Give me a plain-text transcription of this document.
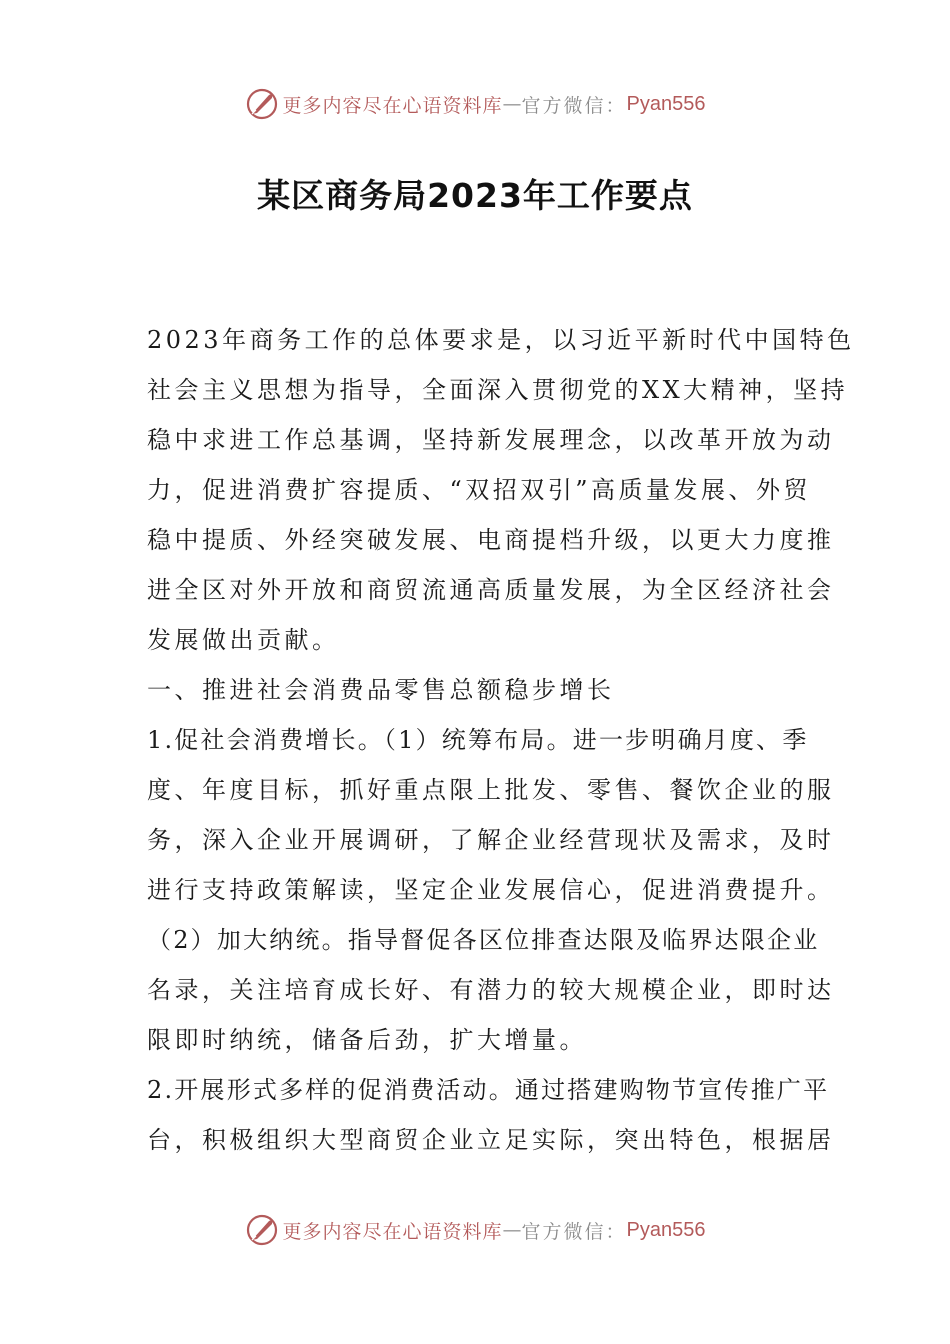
更多内容尽在心语资料库 — 官方微信： Pyan556
某区商务局2023年工作要点

2023年商务工作的总体要求是，以习近平新时代中国特色

社会主义思想为指导，全面深入贯彻党的XX大精神，坚持

稳中求进工作总基调，坚持新发展理念，以改革开放为动

力，促进消费扩容提质、“双招双引”高质量发展、外贸

稳中提质、外经突破发展、电商提档升级，以更大力度推

进全区对外开放和商贸流通高质量发展，为全区经济社会

发展做出贡献。

一、推进社会消费品零售总额稳步增长

1.促社会消费增长。（1）统筹布局。进一步明确月度、季

度、年度目标，抓好重点限上批发、零售、餐饮企业的服

务，深入企业开展调研，了解企业经营现状及需求，及时

进行支持政策解读，坚定企业发展信心，促进消费提升。

（2）加大纳统。指导督促各区位排查达限及临界达限企业

名录，关注培育成长好、有潜力的较大规模企业，即时达

限即时纳统，储备后劲，扩大增量。

2.开展形式多样的促消费活动。通过搭建购物节宣传推广平

台，积极组织大型商贸企业立足实际，突出特色，根据居

更多内容尽在心语资料库 — 官方微信： Pyan556
